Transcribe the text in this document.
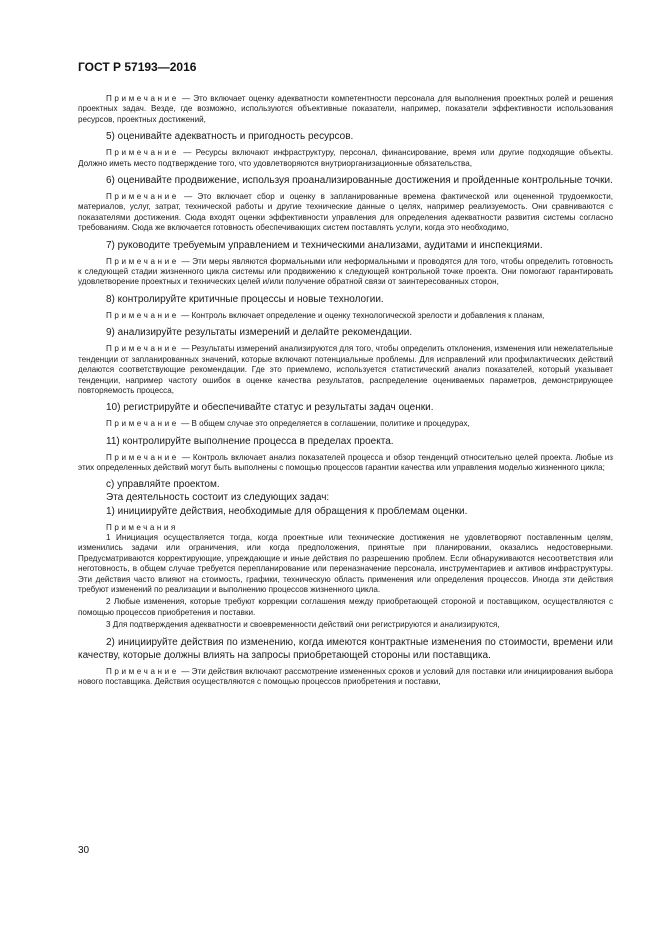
ГОСТ Р 57193—2016

Примечание — Это включает оценку адекватности компетентности персонала для выполнения проектных ролей и решения проектных задач. Везде, где возможно, используются объективные показатели, например, показатели эффективности использования ресурсов, проектных достижений,

5) оценивайте адекватность и пригодность ресурсов.

Примечание — Ресурсы включают инфраструктуру, персонал, финансирование, время или другие подходящие объекты. Должно иметь место подтверждение того, что удовлетворяются внутриорганизационные обязательства,

6) оценивайте продвижение, используя проанализированные достижения и пройденные контрольные точки.

Примечание — Это включает сбор и оценку в запланированные времена фактической или оцененной трудоемкости, материалов, услуг, затрат, технической работы и другие технические данные о целях, например реализуемость. Они сравниваются с показателями достижения. Сюда входят оценки эффективности управления для определения адекватности развития системы согласно требованиям. Сюда же включается готовность обеспечивающих систем поставлять услуги, когда это необходимо,

7) руководите требуемым управлением и техническими анализами, аудитами и инспекциями.

Примечание — Эти меры являются формальными или неформальными и проводятся для того, чтобы определить готовность к следующей стадии жизненного цикла системы или продвижению к следующей контрольной точке проекта. Они помогают гарантировать удовлетворение проектных и технических целей и/или получение обратной связи от заинтересованных сторон,

8) контролируйте критичные процессы и новые технологии.

Примечание — Контроль включает определение и оценку технологической зрелости и добавления к планам,

9) анализируйте результаты измерений и делайте рекомендации.

Примечание — Результаты измерений анализируются для того, чтобы определить отклонения, изменения или нежелательные тенденции от запланированных значений, которые включают потенциальные проблемы. Для исправлений или профилактических действий делаются соответствующие рекомендации. Где это приемлемо, используется статистический анализ показателей, который указывает тенденции, например частоту ошибок в оценке качества результатов, распределение оцениваемых параметров, демонстрирующее повторяемость процесса,

10) регистрируйте и обеспечивайте статус и результаты задач оценки.

Примечание — В общем случае это определяется в соглашении, политике и процедурах,

11) контролируйте выполнение процесса в пределах проекта.

Примечание — Контроль включает анализ показателей процесса и обзор тенденций относительно целей проекта. Любые из этих определенных действий могут быть выполнены с помощью процессов гарантии качества или управления моделью жизненного цикла;

c) управляйте проектом.

Эта деятельность состоит из следующих задач:

1) инициируйте действия, необходимые для обращения к проблемам оценки.

Примечания

1 Инициация осуществляется тогда, когда проектные или технические достижения не удовлетворяют поставленным целям, изменились задачи или ограничения, или когда предположения, принятые при планировании, оказались недостоверными. Предусматриваются корректирующие, упреждающие и иные действия по разрешению проблем. Если обнаруживаются несоответствия или неготовность, в общем случае требуется перепланирование или переназначение персонала, инструментариев и активов инфраструктуры. Эти действия часто влияют на стоимость, графики, техническую область применения или определения процессов. Иногда эти действия требуют изменений по реализации и выполнению процессов жизненного цикла.

2 Любые изменения, которые требуют коррекции соглашения между приобретающей стороной и поставщиком, осуществляются с помощью процессов приобретения и поставки.

3 Для подтверждения адекватности и своевременности действий они регистрируются и анализируются,

2) инициируйте действия по изменению, когда имеются контрактные изменения по стоимости, времени или качеству, которые должны влиять на запросы приобретающей стороны или поставщика.

Примечание — Эти действия включают рассмотрение измененных сроков и условий для поставки или инициирования выбора нового поставщика. Действия осуществляются с помощью процессов приобретения и поставки,

30
